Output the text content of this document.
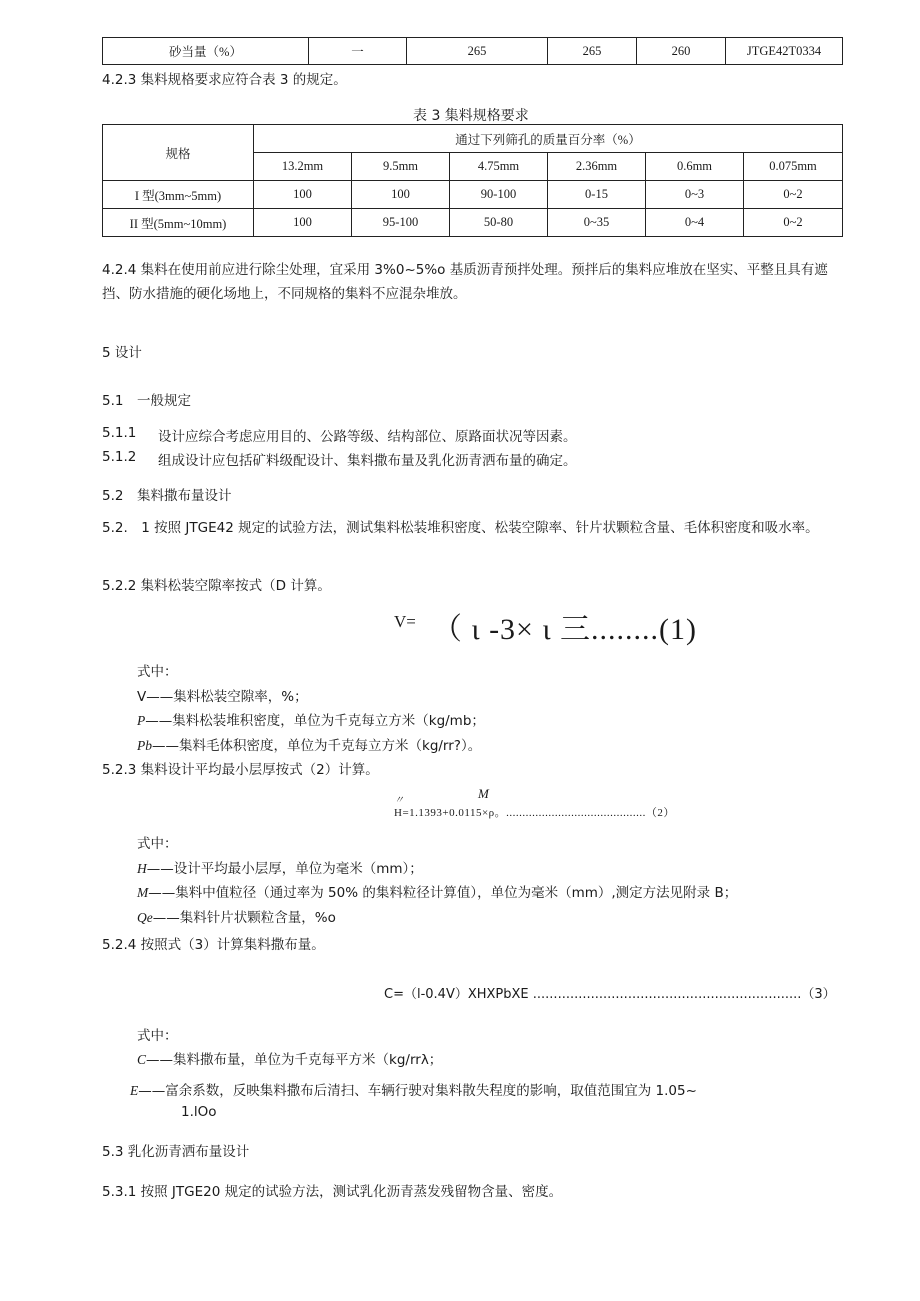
砂当量（%）	一	265	265	260	JTGE42T0334
4.2.3 集料规格要求应符合表 3 的规定。
表 3 集料规格要求
规格	通过下列筛孔的质量百分率（%）					
	13.2mm	9.5mm	4.75mm	2.36mm	0.6mm	0.075mm
I 型(3mm~5mm)	100	100	90-100	0-15	0~3	0~2
II 型(5mm~10mm)	100	95-100	50-80	0~35	0~4	0~2
4.2.4 集料在使用前应进行除尘处理，宜采用 3%0~5%o 基质沥青预拌处理。预拌后的集料应堆放在坚实、平整且具有遮挡、防水措施的硬化场地上，不同规格的集料不应混杂堆放。
5 设计
5.1　一般规定
5.1.1 设计应综合考虑应用目的、公路等级、结构部位、原路面状况等因素。
5.1.2 组成设计应包括矿料级配设计、集料撒布量及乳化沥青洒布量的确定。
5.2　集料撒布量设计
5.2.　1 按照 JTGE42 规定的试验方法，测试集料松装堆积密度、松装空隙率、针片状颗粒含量、毛体积密度和吸水率。
5.2.2 集料松装空隙率按式（D 计算。
V= （ ι -3× ι 三........(1)
式中：
V——集料松装空隙率，%；
P——集料松装堆积密度，单位为千克每立方米（kg/mb；
Pb——集料毛体积密度，单位为千克每立方米（kg∕rr?）。
5.2.3 集料设计平均最小层厚按式（2）计算。
〃	M
H=1.1393+0.0115×ρ。...........................................（2）
式中：
H——设计平均最小层厚，单位为毫米（mm）；
M——集料中值粒径（通过率为 50% 的集料粒径计算值），单位为毫米（mm）,测定方法见附录 B；
Qe——集料针片状颗粒含量，%o
5.2.4 按照式（3）计算集料撒布量。
C=（l-0.4V）XHXPbXE .................................................................（3）
式中：
C——集料撒布量，单位为千克每平方米（kg∕rrλ；
E——富余系数，反映集料撒布后清扫、车辆行驶对集料散失程度的影响，取值范围宜为 1.05~
1.lOo
5.3 乳化沥青洒布量设计
5.3.1 按照 JTGE20 规定的试验方法，测试乳化沥青蒸发残留物含量、密度。
